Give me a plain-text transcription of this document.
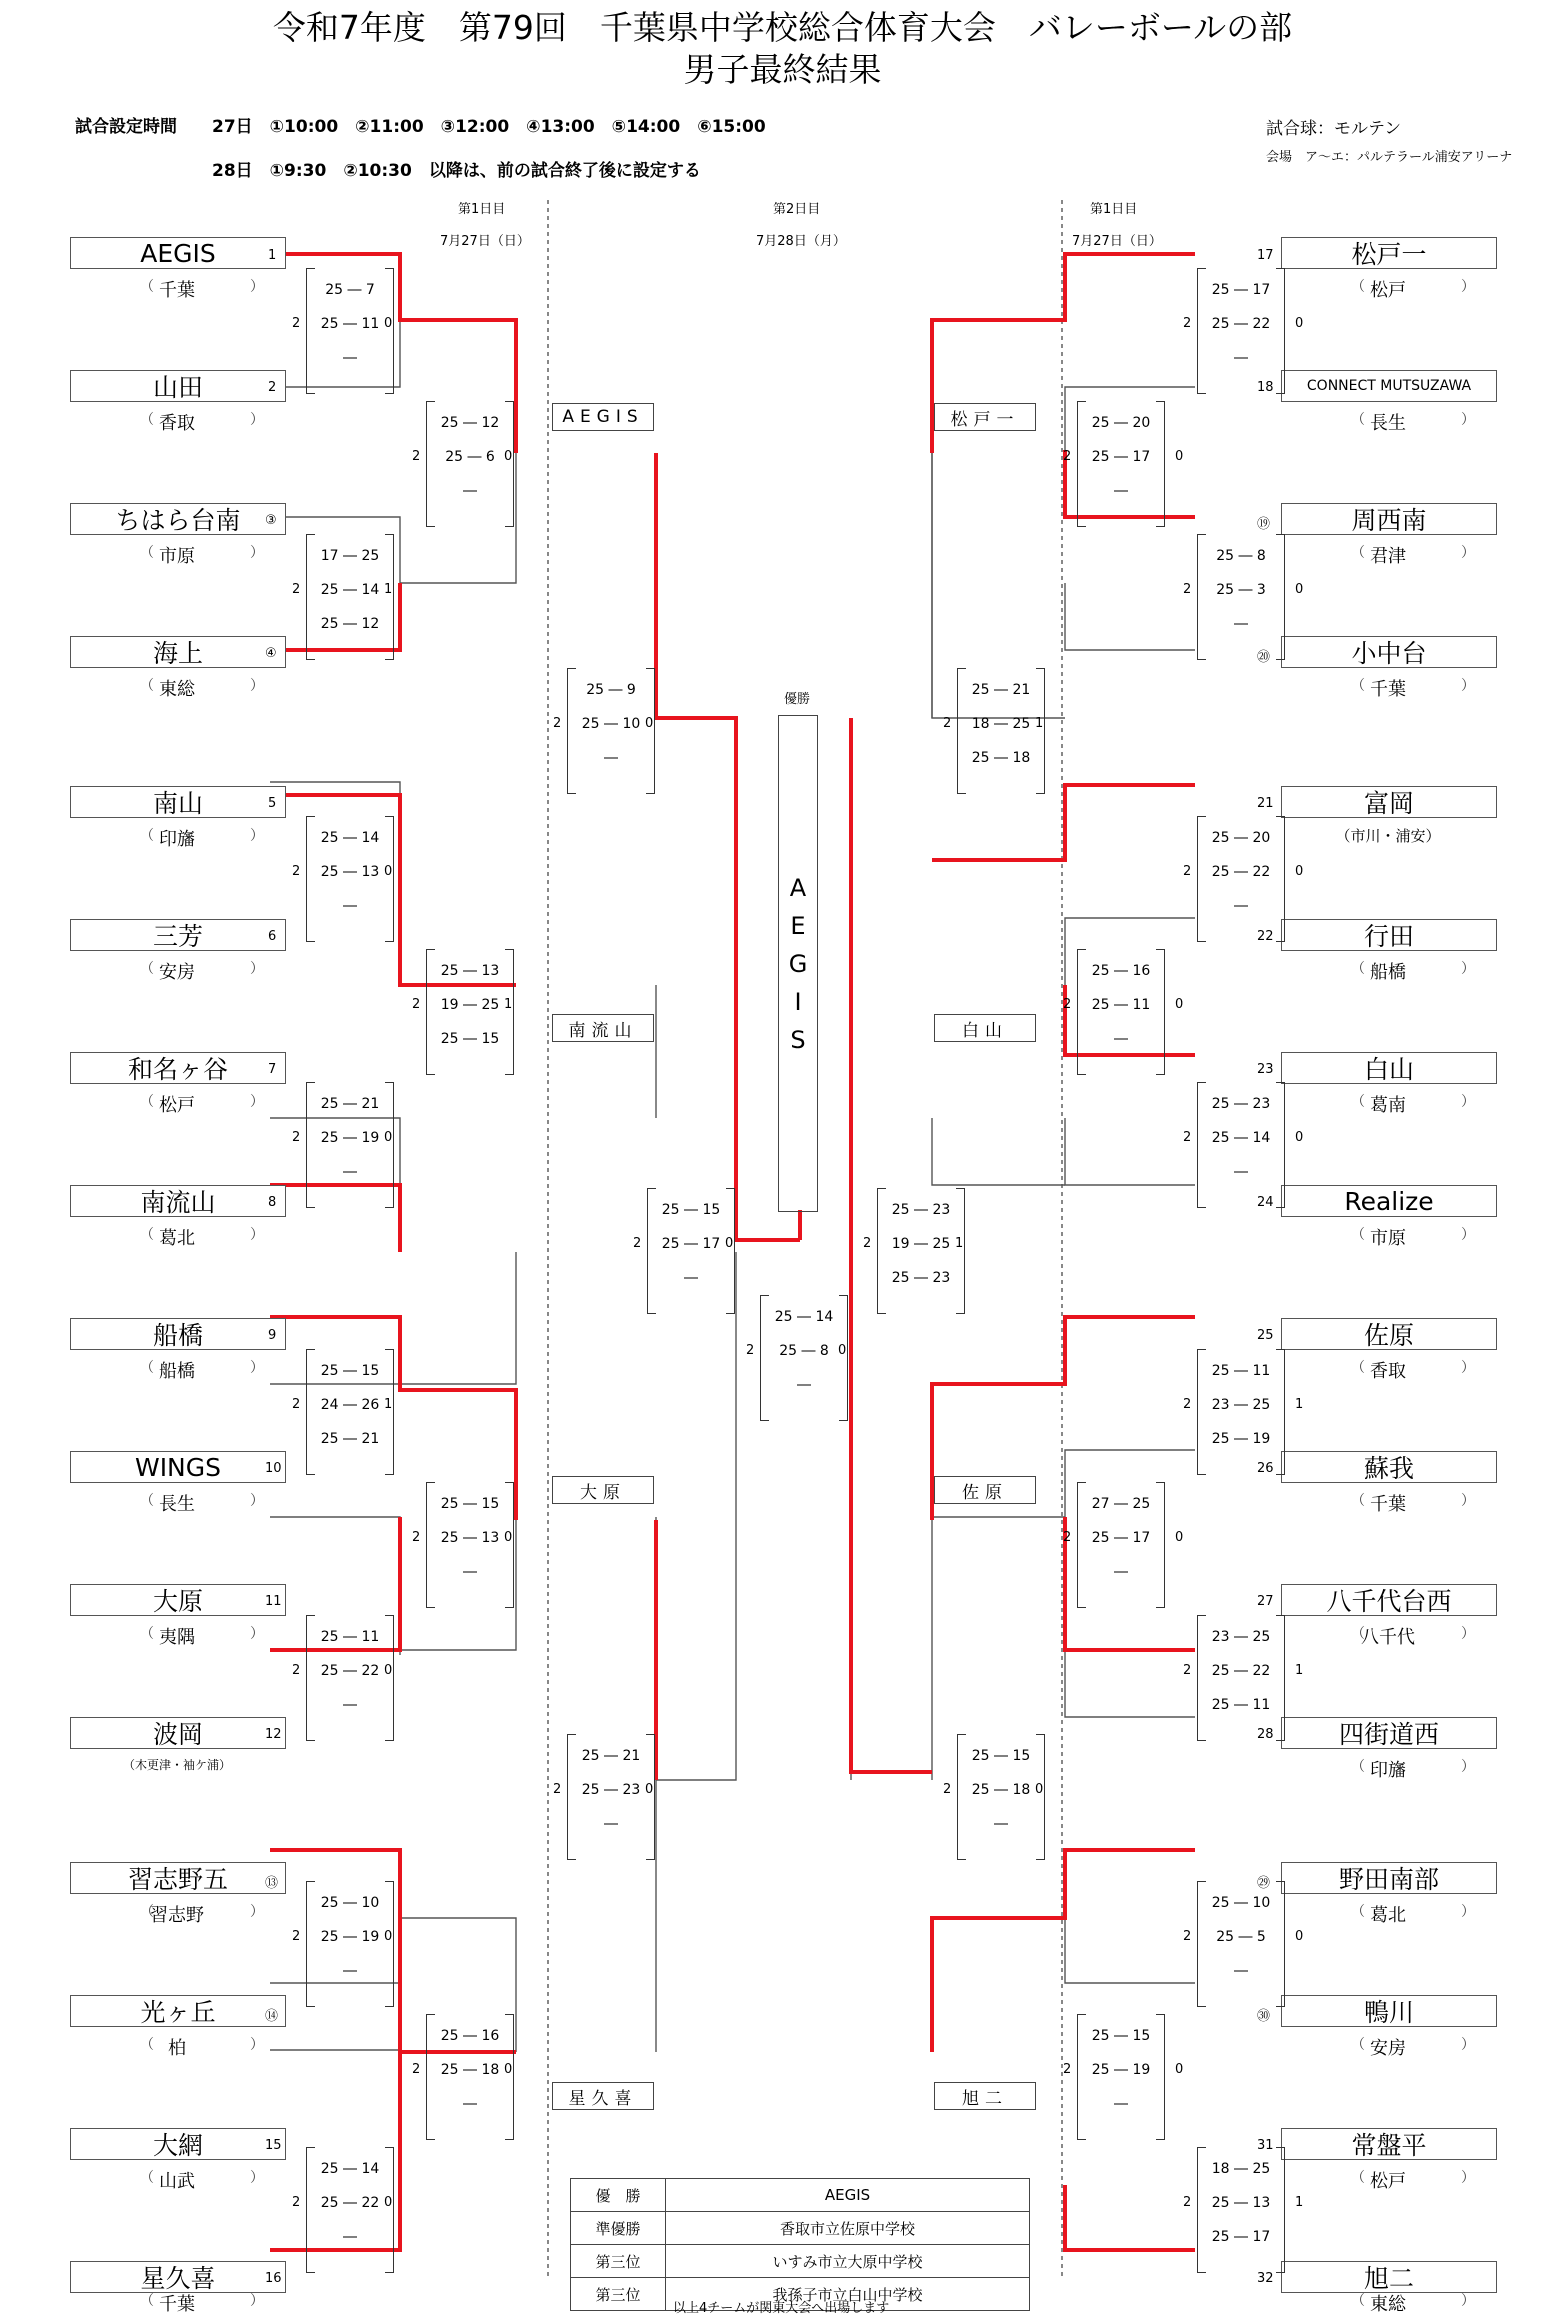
令和7年度　第79回　千葉県中学校総合体育大会　バレーボールの部
男子最終結果
試合設定時間 27日　①10:00　②11:00　③12:00　④13:00　⑤14:00　⑥15:00
28日　①9:30　②10:30　以降は、前の試合終了後に設定する
試合球：モルテン
会場　ア～エ：パルテラール浦安アリーナ
第1日目
7月27日（日）
第2日目
7月28日（月）
第1日目
7月27日（日）
AEGIS	1
（ 千葉	）
山田	2
（ 香取	）
ちはら台南	③
（ 市原	）
海上	④
（ 東総	）
南山	5
（ 印旛	）
三芳	6
（ 安房	）
和名ヶ谷	7
（ 松戸	）
南流山	8
（ 葛北	）
船橋	9
（ 船橋	）
WINGS	10
（ 長生	）
大原	11
（ 夷隅	）
波岡	12
（木更津・袖ケ浦）
習志野五	⑬
（
習志野	）
光ヶ丘	⑭
（ 柏	）
大網	15
（ 山武	）
星久喜	16
（ 千葉	）
松戸一
17
（ 松戸	）
CONNECT MUTSUZAWA
18
（ 長生	）
周西南
⑲
（ 君津	）
小中台
⑳
（ 千葉	）
富岡
21
（市川・浦安）
行田
22
（ 船橋	）
白山
23
（ 葛南	）
Realize
24
（ 市原	）
佐原
25
（ 香取	）
蘇我
26
（ 千葉	）
八千代台西
27
（
八千代	）
四街道西
28
（ 印旛	）
野田南部
㉙
（ 葛北	）
鴨川
㉚
（ 安房	）
常盤平
31
（ 松戸	）
旭二
32
（ 東総	）
25 ― 7
25 ― 11
―
2	0
17 ― 25
25 ― 14
25 ― 12
2	1
25 ― 12
25 ― 6
―
2	0
25 ― 14
25 ― 13
―
2	0
25 ― 21
25 ― 19
―
2	0
25 ― 13
19 ― 25
25 ― 15
2	1
25 ― 15
24 ― 26
25 ― 21
2	1
25 ― 11
25 ― 22
―
2	0
25 ― 15
25 ― 13
―
2	0
25 ― 10
25 ― 19
―
2	0
25 ― 14
25 ― 22
―
2	0
25 ― 16
25 ― 18
―
2	0
25 ― 9
25 ― 10
―
2	0
25 ― 21
25 ― 23
―
2	0
25 ― 15
25 ― 17
―
2	0
25 ― 14
25 ― 8
―
2	0
25 ― 23
19 ― 25
25 ― 23
2	1
25 ― 21
18 ― 25
25 ― 18
2	1
25 ― 15
25 ― 18
―
2	0
25 ― 17
25 ― 22
―
2	0
25 ― 8
25 ― 3
―
2	0
25 ― 20
25 ― 17
―
2	0
25 ― 20
25 ― 22
―
2	0
25 ― 23
25 ― 14
―
2	0
25 ― 16
25 ― 11
―
2	0
25 ― 11
23 ― 25
25 ― 19
2	1
23 ― 25
25 ― 22
25 ― 11
2	1
27 ― 25
25 ― 17
―
2	0
25 ― 10
25 ― 5
―
2	0
18 ― 25
25 ― 13
25 ― 17
2	1
25 ― 15
25 ― 19
―
2	0
AEGIS
南流山
大原
星久喜
松戸一
白山
佐原
旭二
優勝
A
E
G
I
S
優　勝	AEGIS
準優勝	香取市立佐原中学校
第三位	いすみ市立大原中学校
第三位	我孫子市立白山中学校
以上4チームが関東大会へ出場します
